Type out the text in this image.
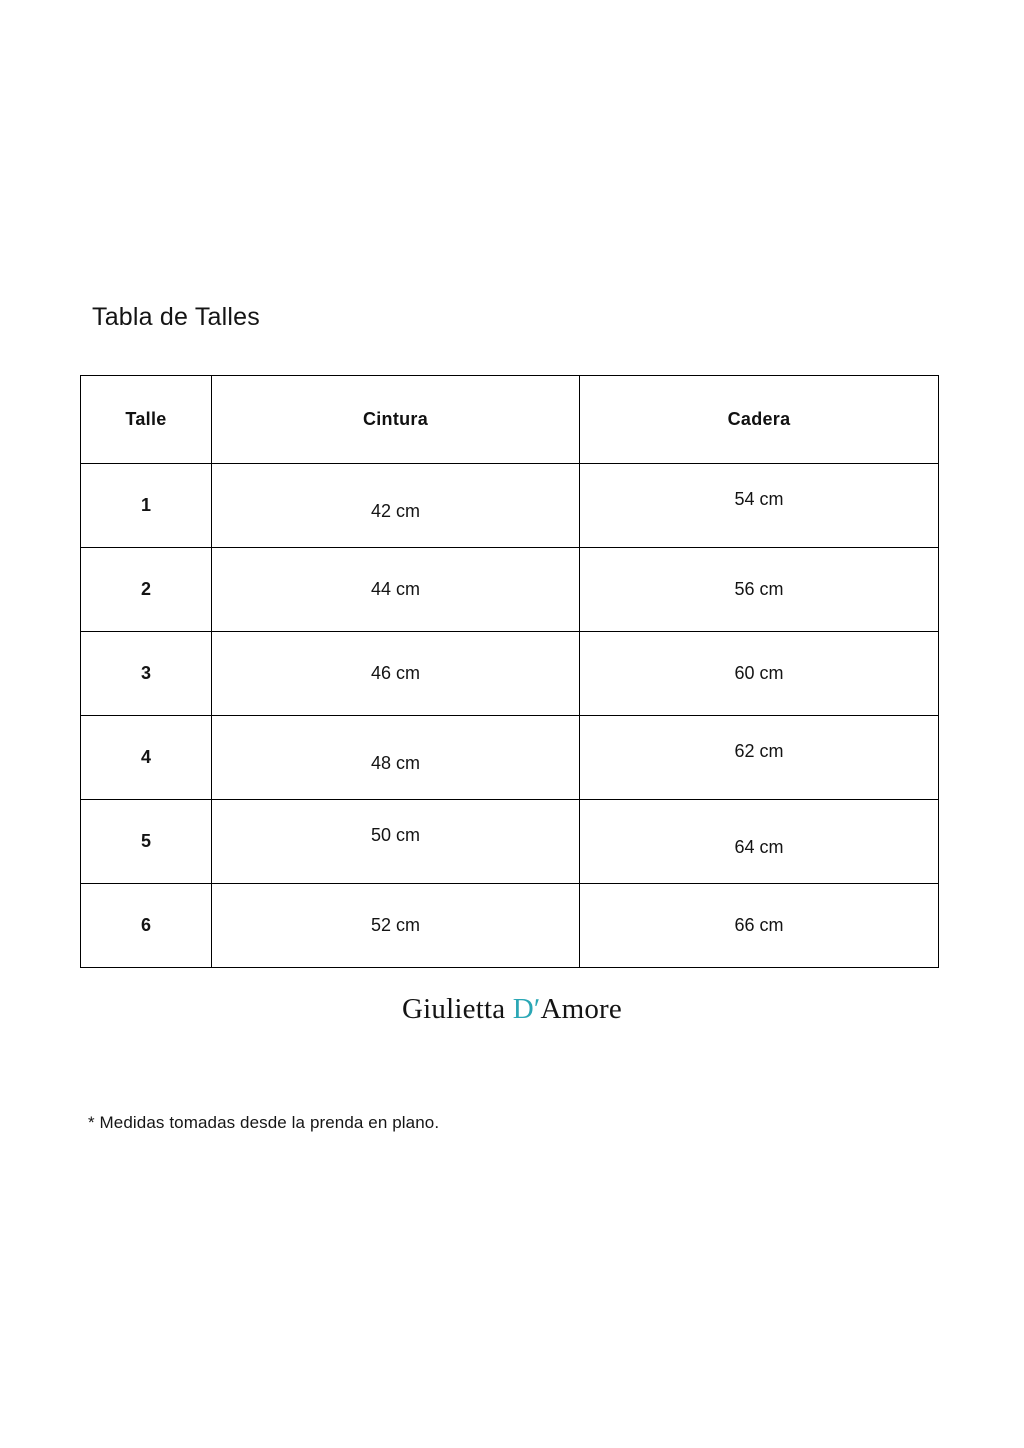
Tabla de Talles
Talle	Cintura	Cadera
1	42 cm	54 cm
2	44 cm	56 cm
3	46 cm	60 cm
4	48 cm	62 cm
5	50 cm	64 cm
6	52 cm	66 cm
Giulietta DʹAmore
* Medidas tomadas desde la prenda en plano.
